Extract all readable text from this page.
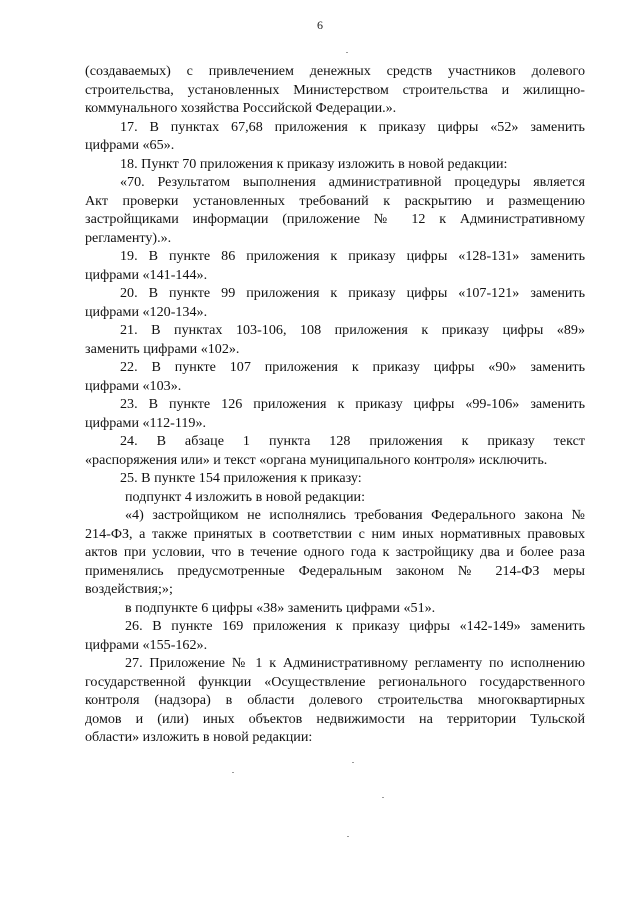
6

(создаваемых) с привлечением денежных средств участников долевого
строительства, установленных Министерством строительства и жилищно-
коммунального хозяйства Российской Федерации.».

17. В пунктах 67,68 приложения к приказу цифры «52» заменить
цифрами «65».

18. Пункт 70 приложения к приказу изложить в новой редакции:

«70. Результатом выполнения административной процедуры является
Акт проверки установленных требований к раскрытию и размещению
застройщиками информации (приложение № 12 к Административному
регламенту).».

19. В пункте 86 приложения к приказу цифры «128-131» заменить
цифрами «141-144».

20. В пункте 99 приложения к приказу цифры «107-121» заменить
цифрами «120-134».

21. В пунктах 103-106, 108 приложения к приказу цифры «89»
заменить цифрами «102».

22. В пункте 107 приложения к приказу цифры «90» заменить
цифрами «103».

23. В пункте 126 приложения к приказу цифры «99-106» заменить
цифрами «112-119».

24. В абзаце 1 пункта 128 приложения к приказу текст
«распоряжения или» и текст «органа муниципального контроля» исключить.

25. В пункте 154 приложения к приказу:

подпункт 4 изложить в новой редакции:

«4) застройщиком не исполнялись требования Федерального закона №
214-ФЗ, а также принятых в соответствии с ним иных нормативных правовых
актов при условии, что в течение одного года к застройщику два и более раза
применялись предусмотренные Федеральным законом № 214-ФЗ меры
воздействия;»;

в подпункте 6 цифры «38» заменить цифрами «51».

26. В пункте 169 приложения к приказу цифры «142-149» заменить
цифрами «155-162».

27. Приложение № 1 к Административному регламенту по исполнению
государственной функции «Осуществление регионального государственного
контроля (надзора) в области долевого строительства многоквартирных
домов и (или) иных объектов недвижимости на территории Тульской
области» изложить в новой редакции:
